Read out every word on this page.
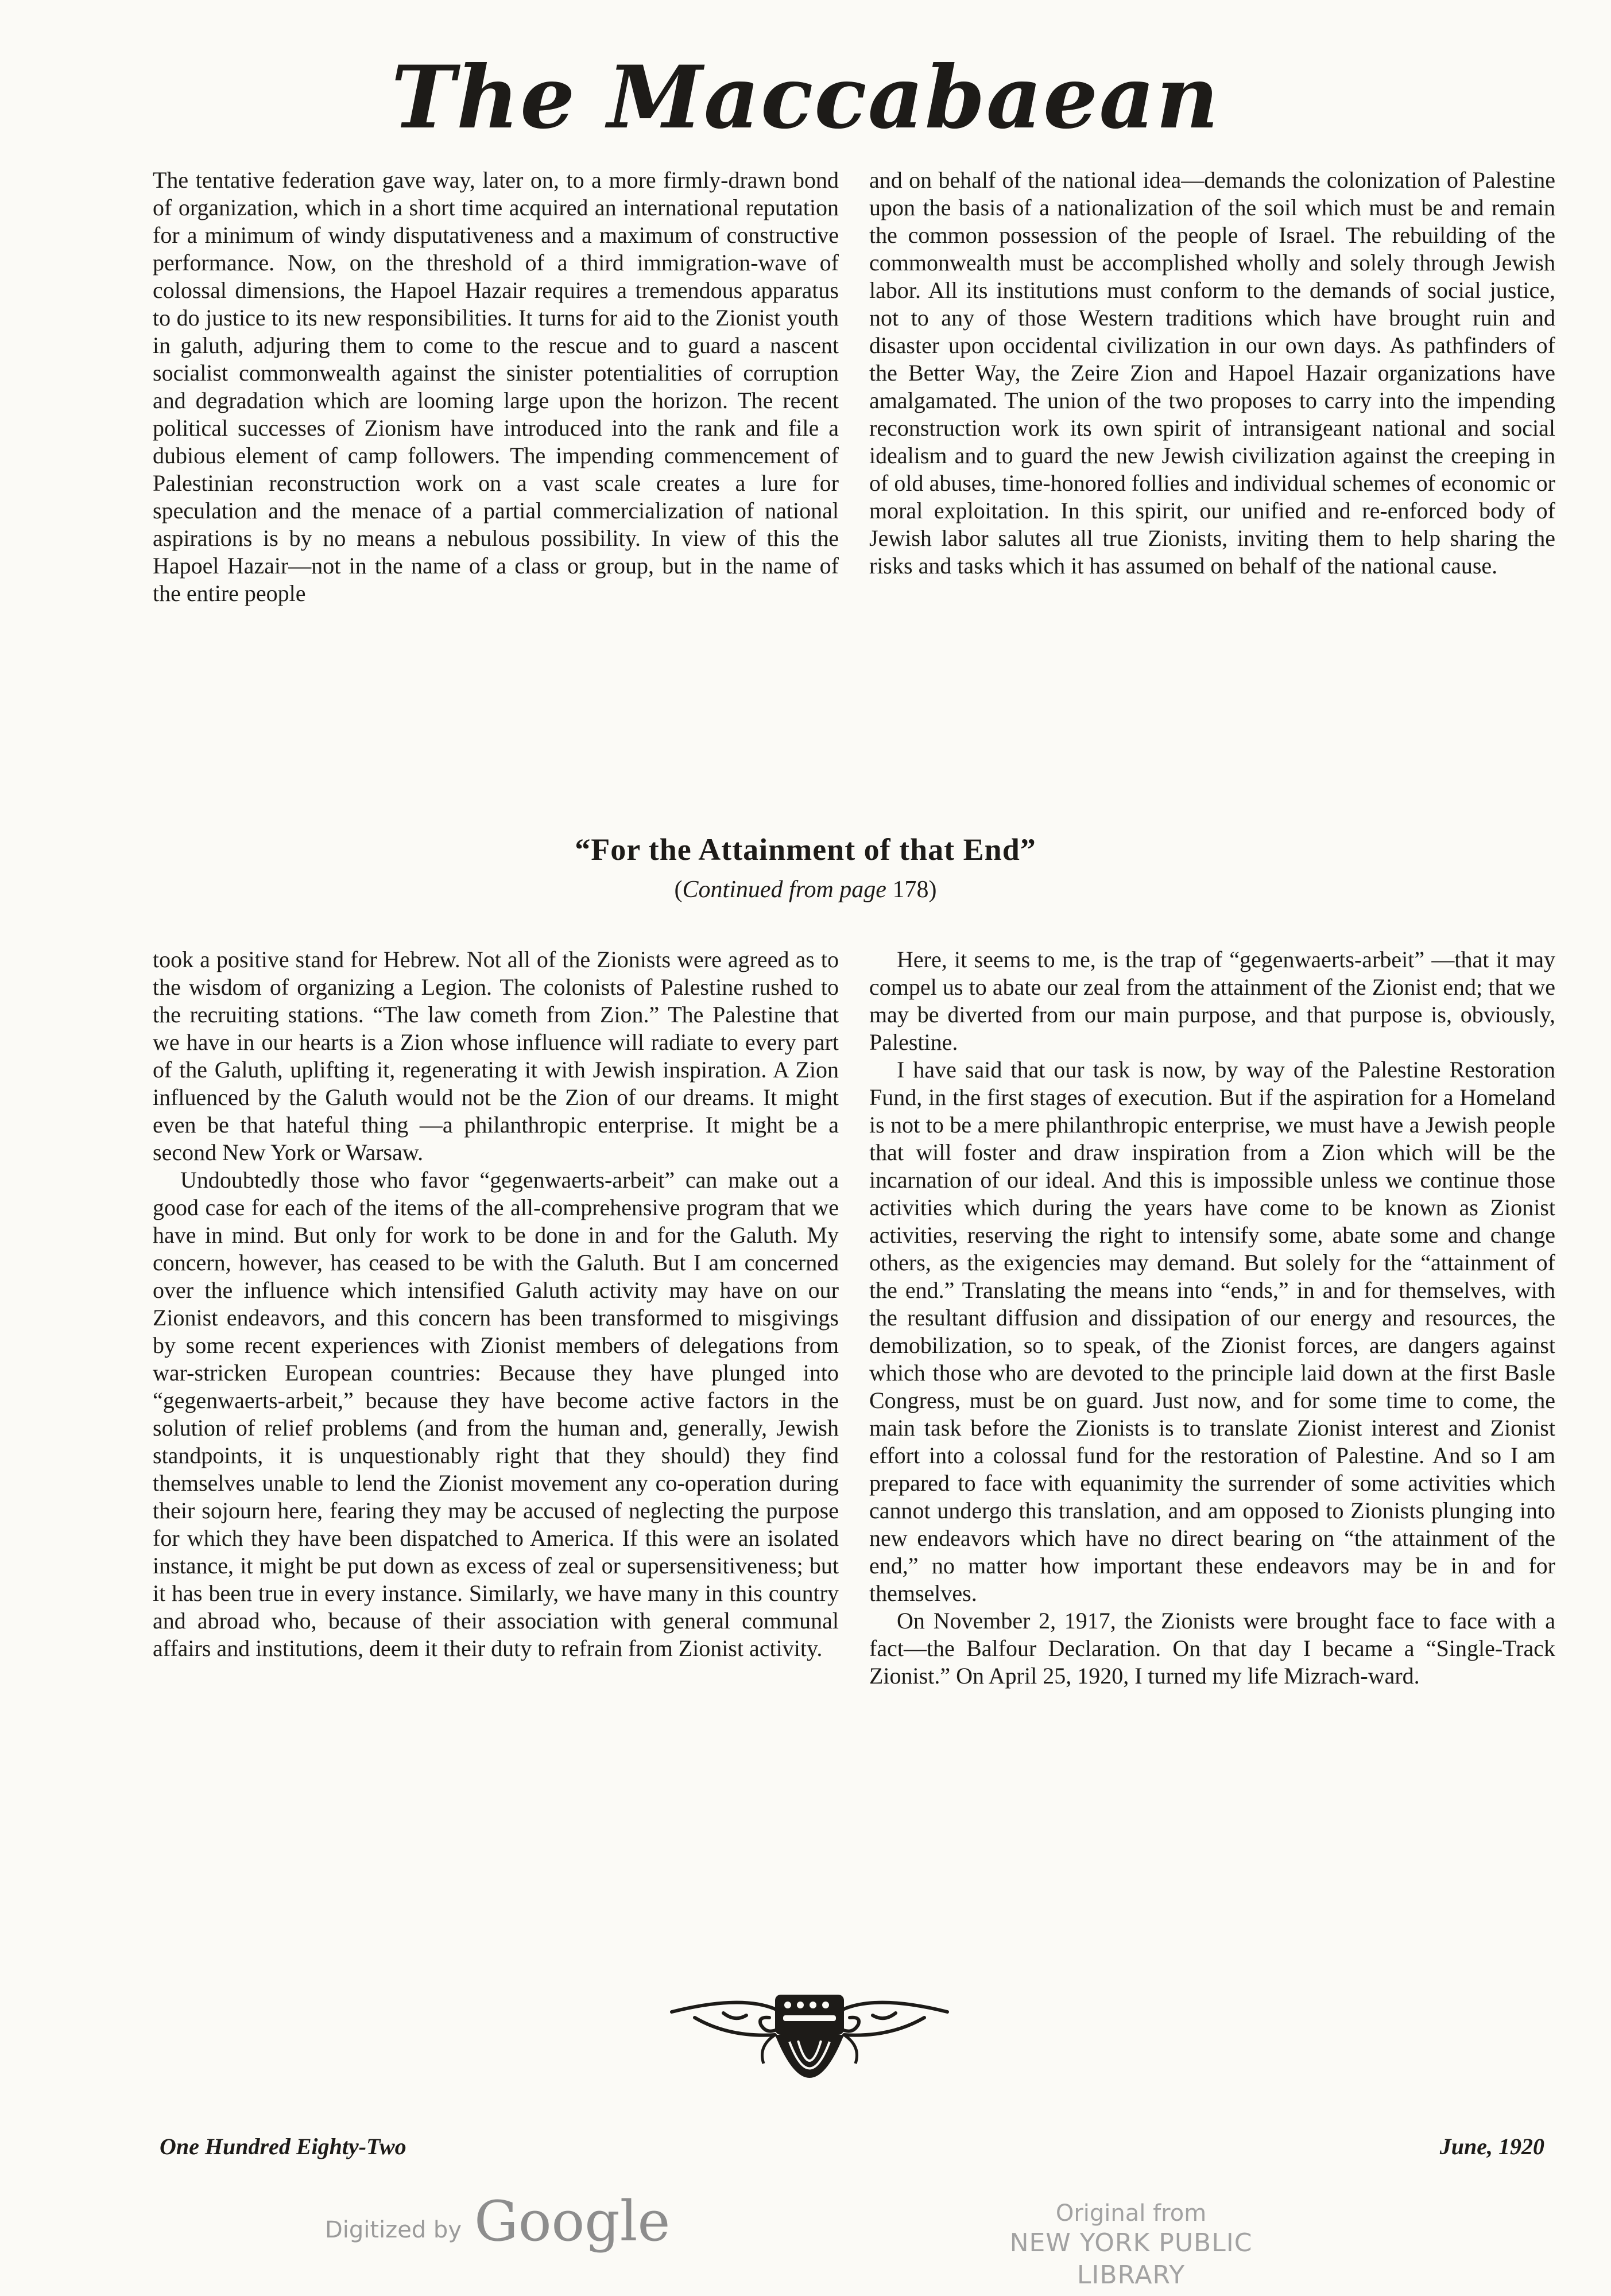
The Maccabaean

The tentative federation gave way, later on, to a more firmly-drawn bond of organization, which in a short time acquired an international reputation for a minimum of windy disputativeness and a maximum of constructive performance. Now, on the threshold of a third immigration-wave of colossal dimensions, the Hapoel Hazair requires a tremendous apparatus to do justice to its new responsibilities. It turns for aid to the Zionist youth in galuth, adjuring them to come to the rescue and to guard a nascent socialist commonwealth against the sinister potentialities of corruption and degradation which are looming large upon the horizon. The recent political successes of Zionism have introduced into the rank and file a dubious element of camp followers. The impending commencement of Palestinian reconstruction work on a vast scale creates a lure for speculation and the menace of a partial commercialization of national aspirations is by no means a nebulous possibility. In view of this the Hapoel Hazair—not in the name of a class or group, but in the name of the entire people

and on behalf of the national idea—demands the colonization of Palestine upon the basis of a nationalization of the soil which must be and remain the common possession of the people of Israel. The rebuilding of the commonwealth must be accomplished wholly and solely through Jewish labor. All its institutions must conform to the demands of social justice, not to any of those Western traditions which have brought ruin and disaster upon occidental civilization in our own days. As pathfinders of the Better Way, the Zeire Zion and Hapoel Hazair organizations have amalgamated. The union of the two proposes to carry into the impending reconstruction work its own spirit of intransigeant national and social idealism and to guard the new Jewish civilization against the creeping in of old abuses, time-honored follies and individual schemes of economic or moral exploitation. In this spirit, our unified and re-enforced body of Jewish labor salutes all true Zionists, inviting them to help sharing the risks and tasks which it has assumed on behalf of the national cause.

“For the Attainment of that End”
(Continued from page 178)

took a positive stand for Hebrew. Not all of the Zionists were agreed as to the wisdom of organizing a Legion. The colonists of Palestine rushed to the recruiting stations. “The law cometh from Zion.” The Palestine that we have in our hearts is a Zion whose influence will radiate to every part of the Galuth, uplifting it, regenerating it with Jewish inspiration. A Zion influenced by the Galuth would not be the Zion of our dreams. It might even be that hateful thing —a philanthropic enterprise. It might be a second New York or Warsaw.

Undoubtedly those who favor “gegenwaerts-arbeit” can make out a good case for each of the items of the all-comprehensive program that we have in mind. But only for work to be done in and for the Galuth. My concern, however, has ceased to be with the Galuth. But I am concerned over the influence which intensified Galuth activity may have on our Zionist endeavors, and this concern has been transformed to misgivings by some recent experiences with Zionist members of delegations from war-stricken European countries: Because they have plunged into “gegenwaerts-arbeit,” because they have become active factors in the solution of relief problems (and from the human and, generally, Jewish standpoints, it is unquestionably right that they should) they find themselves unable to lend the Zionist movement any co-operation during their sojourn here, fearing they may be accused of neglecting the purpose for which they have been dispatched to America. If this were an isolated instance, it might be put down as excess of zeal or supersensitiveness; but it has been true in every instance. Similarly, we have many in this country and abroad who, because of their association with general communal affairs and institutions, deem it their duty to refrain from Zionist activity.

Here, it seems to me, is the trap of “gegenwaerts-arbeit” —that it may compel us to abate our zeal from the attainment of the Zionist end; that we may be diverted from our main purpose, and that purpose is, obviously, Palestine.

I have said that our task is now, by way of the Palestine Restoration Fund, in the first stages of execution. But if the aspiration for a Homeland is not to be a mere philanthropic enterprise, we must have a Jewish people that will foster and draw inspiration from a Zion which will be the incarnation of our ideal. And this is impossible unless we continue those activities which during the years have come to be known as Zionist activities, reserving the right to intensify some, abate some and change others, as the exigencies may demand. But solely for the “attainment of the end.” Translating the means into “ends,” in and for themselves, with the resultant diffusion and dissipation of our energy and resources, the demobilization, so to speak, of the Zionist forces, are dangers against which those who are devoted to the principle laid down at the first Basle Congress, must be on guard. Just now, and for some time to come, the main task before the Zionists is to translate Zionist interest and Zionist effort into a colossal fund for the restoration of Palestine. And so I am prepared to face with equanimity the surrender of some activities which cannot undergo this translation, and am opposed to Zionists plunging into new endeavors which have no direct bearing on “the attainment of the end,” no matter how important these endeavors may be in and for themselves.

On November 2, 1917, the Zionists were brought face to face with a fact—the Balfour Declaration. On that day I became a “Single-Track Zionist.” On April 25, 1920, I turned my life Mizrach-ward.

One Hundred Eighty-Two	June, 1920
Digitized by Google	Original from
NEW YORK PUBLIC LIBRARY
